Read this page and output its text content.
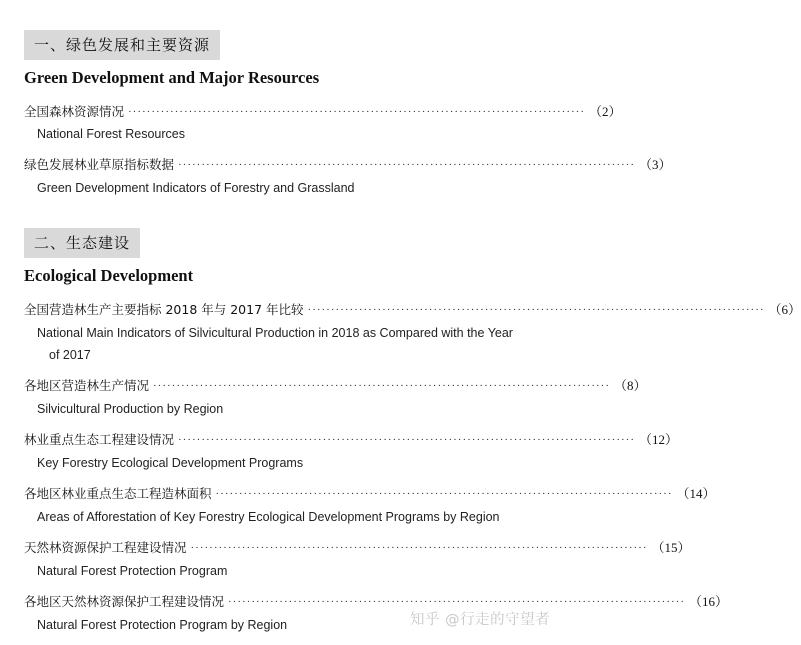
一、绿色发展和主要资源
Green Development and Major Resources
全国森林资源情况 ·································································································· （2）
National Forest Resources
绿色发展林业草原指标数据 ·································································································· （3）
Green Development Indicators of Forestry and Grassland
二、生态建设
Ecological Development
全国营造林生产主要指标 2018 年与 2017 年比较 ·································································································· （6）
National Main Indicators of Silvicultural Production in 2018 as Compared with the Year of 2017
各地区营造林生产情况 ·································································································· （8）
Silvicultural Production by Region
林业重点生态工程建设情况 ·································································································· （12）
Key Forestry Ecological Development Programs
各地区林业重点生态工程造林面积 ·································································································· （14）
Areas of Afforestation of Key Forestry Ecological Development Programs by Region
天然林资源保护工程建设情况 ·································································································· （15）
Natural Forest Protection Program
各地区天然林资源保护工程建设情况 ·································································································· （16）
Natural Forest Protection Program by Region	知乎 @行走的守望者
